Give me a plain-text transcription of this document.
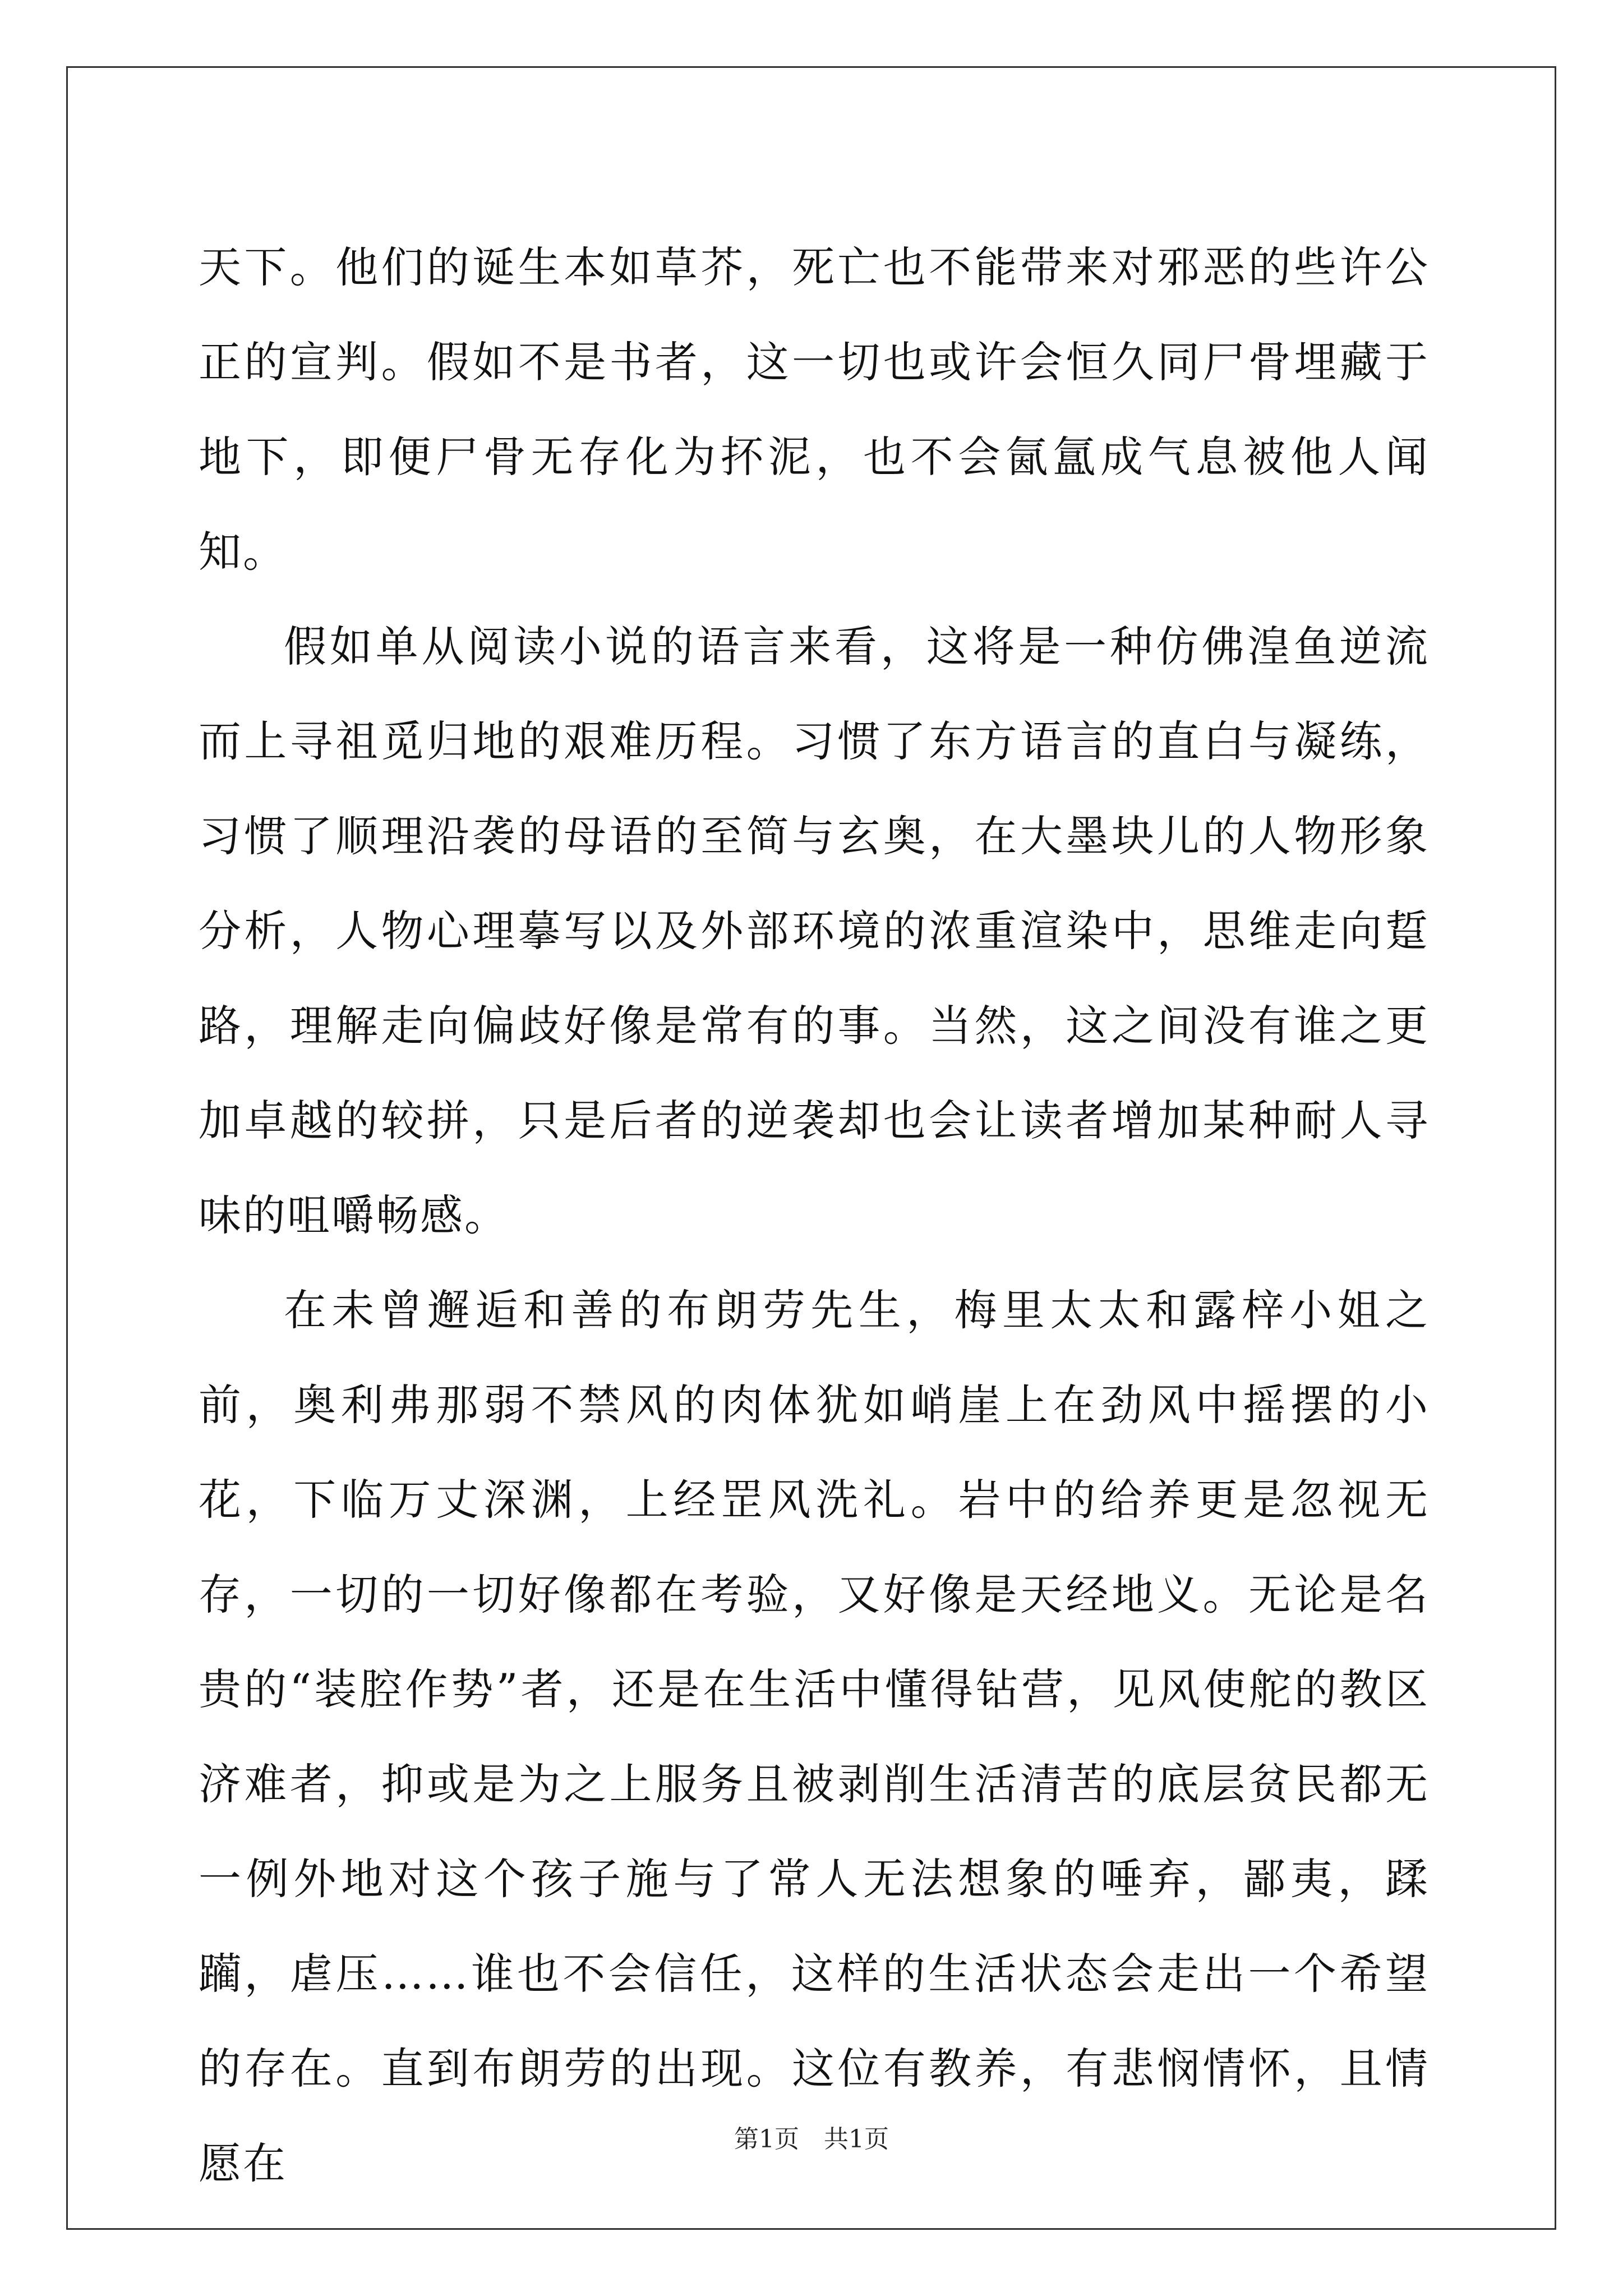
天下。他们的诞生本如草芥，死亡也不能带来对邪恶的些许公正的宣判。假如不是书者，这一切也或许会恒久同尸骨埋藏于地下，即便尸骨无存化为抔泥，也不会氤氲成气息被他人闻知。

假如单从阅读小说的语言来看，这将是一种仿佛湟鱼逆流而上寻祖觅归地的艰难历程。习惯了东方语言的直白与凝练，习惯了顺理沿袭的母语的至简与玄奥，在大墨块儿的人物形象分析，人物心理摹写以及外部环境的浓重渲染中，思维走向踅路，理解走向偏歧好像是常有的事。当然，这之间没有谁之更加卓越的较拼，只是后者的逆袭却也会让读者增加某种耐人寻味的咀嚼畅感。

在未曾邂逅和善的布朗劳先生，梅里太太和露梓小姐之前，奥利弗那弱不禁风的肉体犹如峭崖上在劲风中摇摆的小花，下临万丈深渊，上经罡风洗礼。岩中的给养更是忽视无存，一切的一切好像都在考验，又好像是天经地义。无论是名贵的“装腔作势”者，还是在生活中懂得钻营，见风使舵的教区济难者，抑或是为之上服务且被剥削生活清苦的底层贫民都无一例外地对这个孩子施与了常人无法想象的唾弃，鄙夷，蹂躏，虐压……谁也不会信任，这样的生活状态会走出一个希望的存在。直到布朗劳的出现。这位有教养，有悲悯情怀，且情愿在	第1页　共1页
